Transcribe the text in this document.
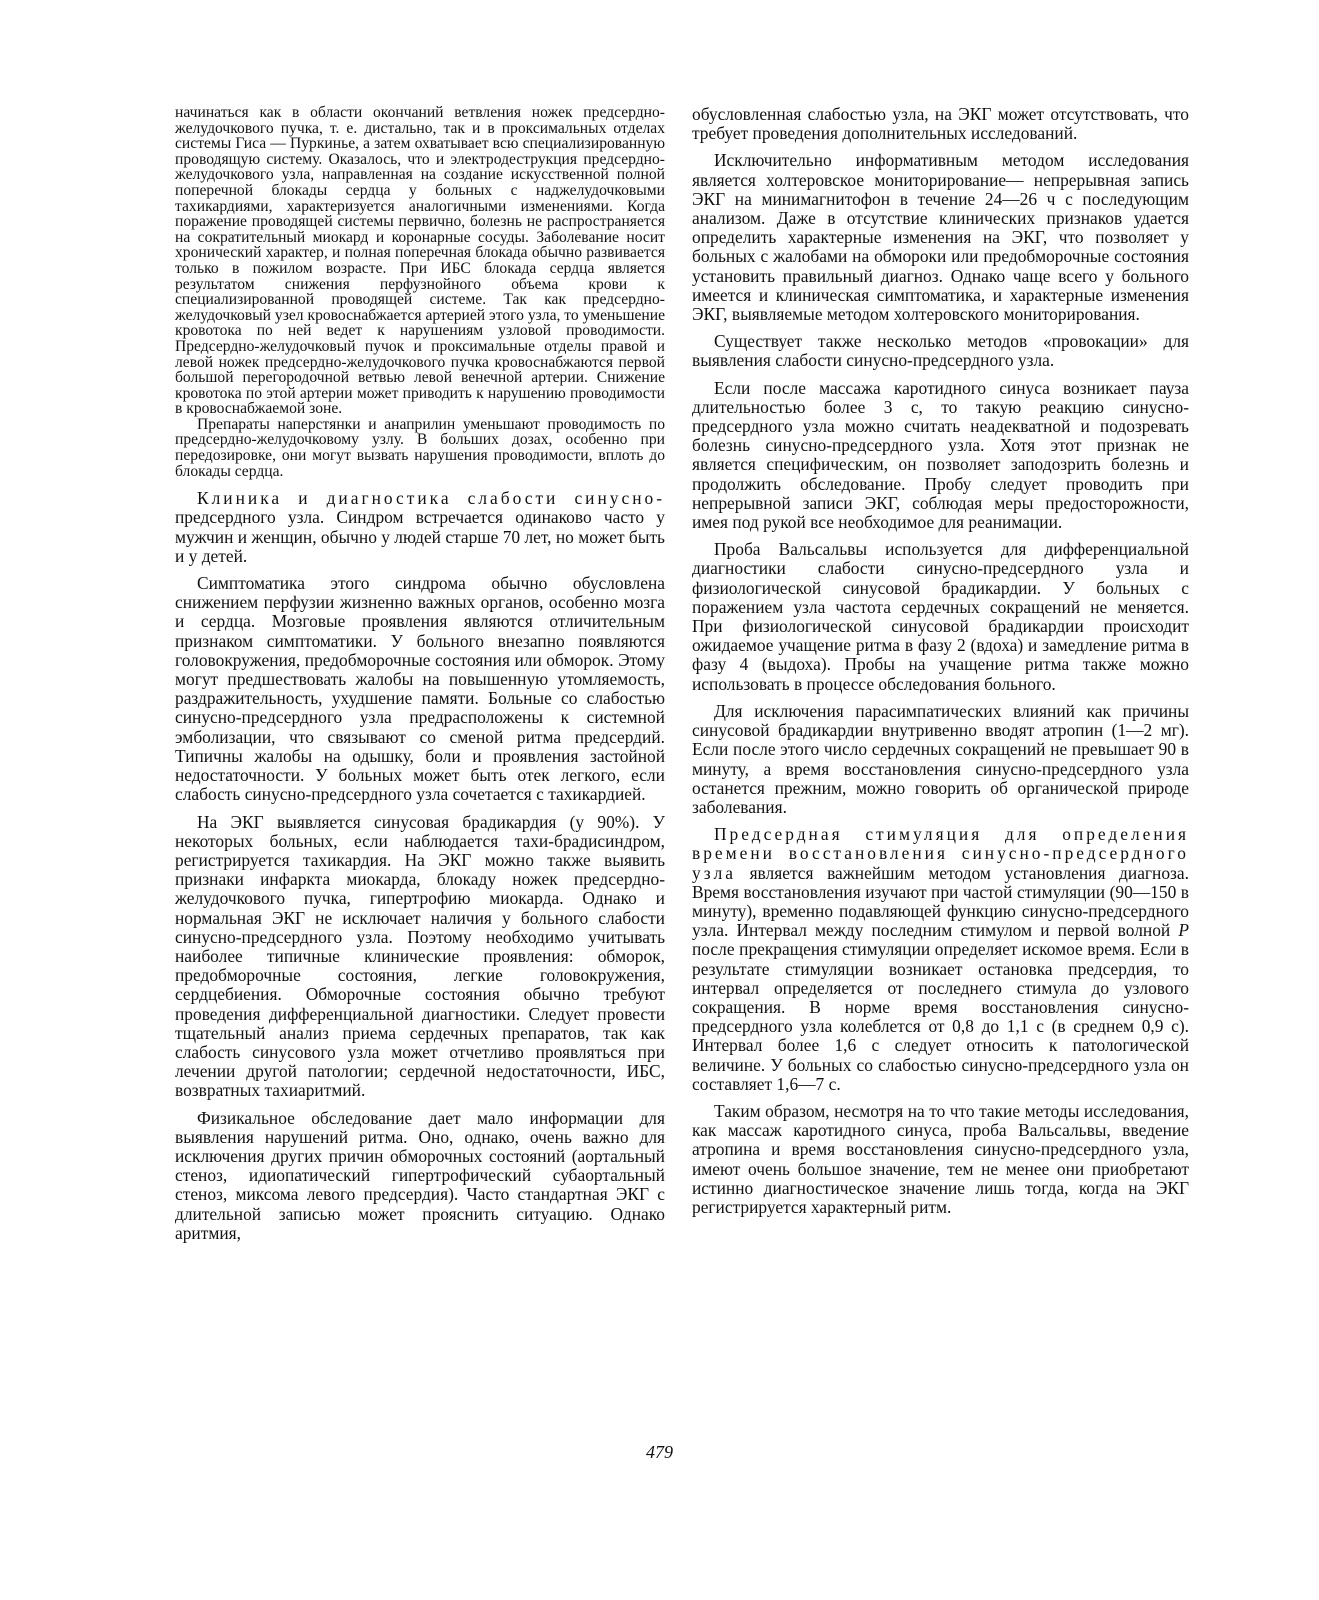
начинаться как в области окончаний ветвления ножек предсердно-желудочкового пучка, т. е. дистально, так и в проксимальных отделах системы Гиса — Пуркинье, а затем охватывает всю специализированную проводящую систему. Оказалось, что и электродеструкция предсердно-желудочкового узла, направленная на создание искусственной полной поперечной блокады сердца у больных с наджелудочковыми тахикардиями, характеризуется аналогичными изменениями. Когда поражение проводящей системы первично, болезнь не распространяется на сократительный миокард и коронарные сосуды. Заболевание носит хронический характер, и полная поперечная блокада обычно развивается только в пожилом возрасте. При ИБС блокада сердца является результатом снижения перфузнойного объема крови к специализированной проводящей системе. Так как предсердно-желудочковый узел кровоснабжается артерией этого узла, то уменьшение кровотока по ней ведет к нарушениям узловой проводимости. Предсердно-желудочковый пучок и проксимальные отделы правой и левой ножек предсердно-желудочкового пучка кровоснабжаются первой большой перегородочной ветвью левой венечной артерии. Снижение кровотока по этой артерии может приводить к нарушению проводимости в кровоснабжаемой зоне.

Препараты наперстянки и анаприлин уменьшают проводимость по предсердно-желудочковому узлу. В больших дозах, особенно при передозировке, они могут вызвать нарушения проводимости, вплоть до блокады сердца.

Клиника и диагностика слабости синусно-предсердного узла. Синдром встречается одинаково часто у мужчин и женщин, обычно у людей старше 70 лет, но может быть и у детей.

Симптоматика этого синдрома обычно обусловлена снижением перфузии жизненно важных органов, особенно мозга и сердца. Мозговые проявления являются отличительным признаком симптоматики. У больного внезапно появляются головокружения, предобморочные состояния или обморок. Этому могут предшествовать жалобы на повышенную утомляемость, раздражительность, ухудшение памяти. Больные со слабостью синусно-предсердного узла предрасположены к системной эмболизации, что связывают со сменой ритма предсердий. Типичны жалобы на одышку, боли и проявления застойной недостаточности. У больных может быть отек легкого, если слабость синусно-предсердного узла сочетается с тахикардией.

На ЭКГ выявляется синусовая брадикардия (у 90%). У некоторых больных, если наблюдается тахи-брадисиндром, регистрируется тахикардия. На ЭКГ можно также выявить признаки инфаркта миокарда, блокаду ножек предсердно-желудочкового пучка, гипертрофию миокарда. Однако и нормальная ЭКГ не исключает наличия у больного слабости синусно-предсердного узла. Поэтому необходимо учитывать наиболее типичные клинические проявления: обморок, предобморочные состояния, легкие головокружения, сердцебиения. Обморочные состояния обычно требуют проведения дифференциальной диагностики. Следует провести тщательный анализ приема сердечных препаратов, так как слабость синусового узла может отчетливо проявляться при лечении другой патологии; сердечной недостаточности, ИБС, возвратных тахиаритмий.

Физикальное обследование дает мало информации для выявления нарушений ритма. Оно, однако, очень важно для исключения других причин обморочных состояний (аортальный стеноз, идиопатический гипертрофический субаортальный стеноз, миксома левого предсердия). Часто стандартная ЭКГ с длительной записью может прояснить ситуацию. Однако аритмия,

обусловленная слабостью узла, на ЭКГ может отсутствовать, что требует проведения дополнительных исследований.

Исключительно информативным методом исследования является холтеровское мониторирование— непрерывная запись ЭКГ на минимагнитофон в течение 24—26 ч с последующим анализом. Даже в отсутствие клинических признаков удается определить характерные изменения на ЭКГ, что позволяет у больных с жалобами на обмороки или предобморочные состояния установить правильный диагноз. Однако чаще всего у больного имеется и клиническая симптоматика, и характерные изменения ЭКГ, выявляемые методом холтеровского мониторирования.

Существует также несколько методов «провокации» для выявления слабости синусно-предсердного узла.

Если после массажа каротидного синуса возникает пауза длительностью более 3 с, то такую реакцию синусно-предсердного узла можно считать неадекватной и подозревать болезнь синусно-предсердного узла. Хотя этот признак не является специфическим, он позволяет заподозрить болезнь и продолжить обследование. Пробу следует проводить при непрерывной записи ЭКГ, соблюдая меры предосторожности, имея под рукой все необходимое для реанимации.

Проба Вальсальвы используется для дифференциальной диагностики слабости синусно-предсердного узла и физиологической синусовой брадикардии. У больных с поражением узла частота сердечных сокращений не меняется. При физиологической синусовой брадикардии происходит ожидаемое учащение ритма в фазу 2 (вдоха) и замедление ритма в фазу 4 (выдоха). Пробы на учащение ритма также можно использовать в процессе обследования больного.

Для исключения парасимпатических влияний как причины синусовой брадикардии внутривенно вводят атропин (1—2 мг). Если после этого число сердечных сокращений не превышает 90 в минуту, а время восстановления синусно-предсердного узла останется прежним, можно говорить об органической природе заболевания.

Предсердная стимуляция для определения времени восстановления синусно-предсердного узла является важнейшим методом установления диагноза. Время восстановления изучают при частой стимуляции (90—150 в минуту), временно подавляющей функцию синусно-предсердного узла. Интервал между последним стимулом и первой волной P после прекращения стимуляции определяет искомое время. Если в результате стимуляции возникает остановка предсердия, то интервал определяется от последнего стимула до узлового сокращения. В норме время восстановления синусно-предсердного узла колеблется от 0,8 до 1,1 с (в среднем 0,9 с). Интервал более 1,6 с следует относить к патологической величине. У больных со слабостью синусно-предсердного узла он составляет 1,6—7 с.

Таким образом, несмотря на то что такие методы исследования, как массаж каротидного синуса, проба Вальсальвы, введение атропина и время восстановления синусно-предсердного узла, имеют очень большое значение, тем не менее они приобретают истинно диагностическое значение лишь тогда, когда на ЭКГ регистрируется характерный ритм.

479
